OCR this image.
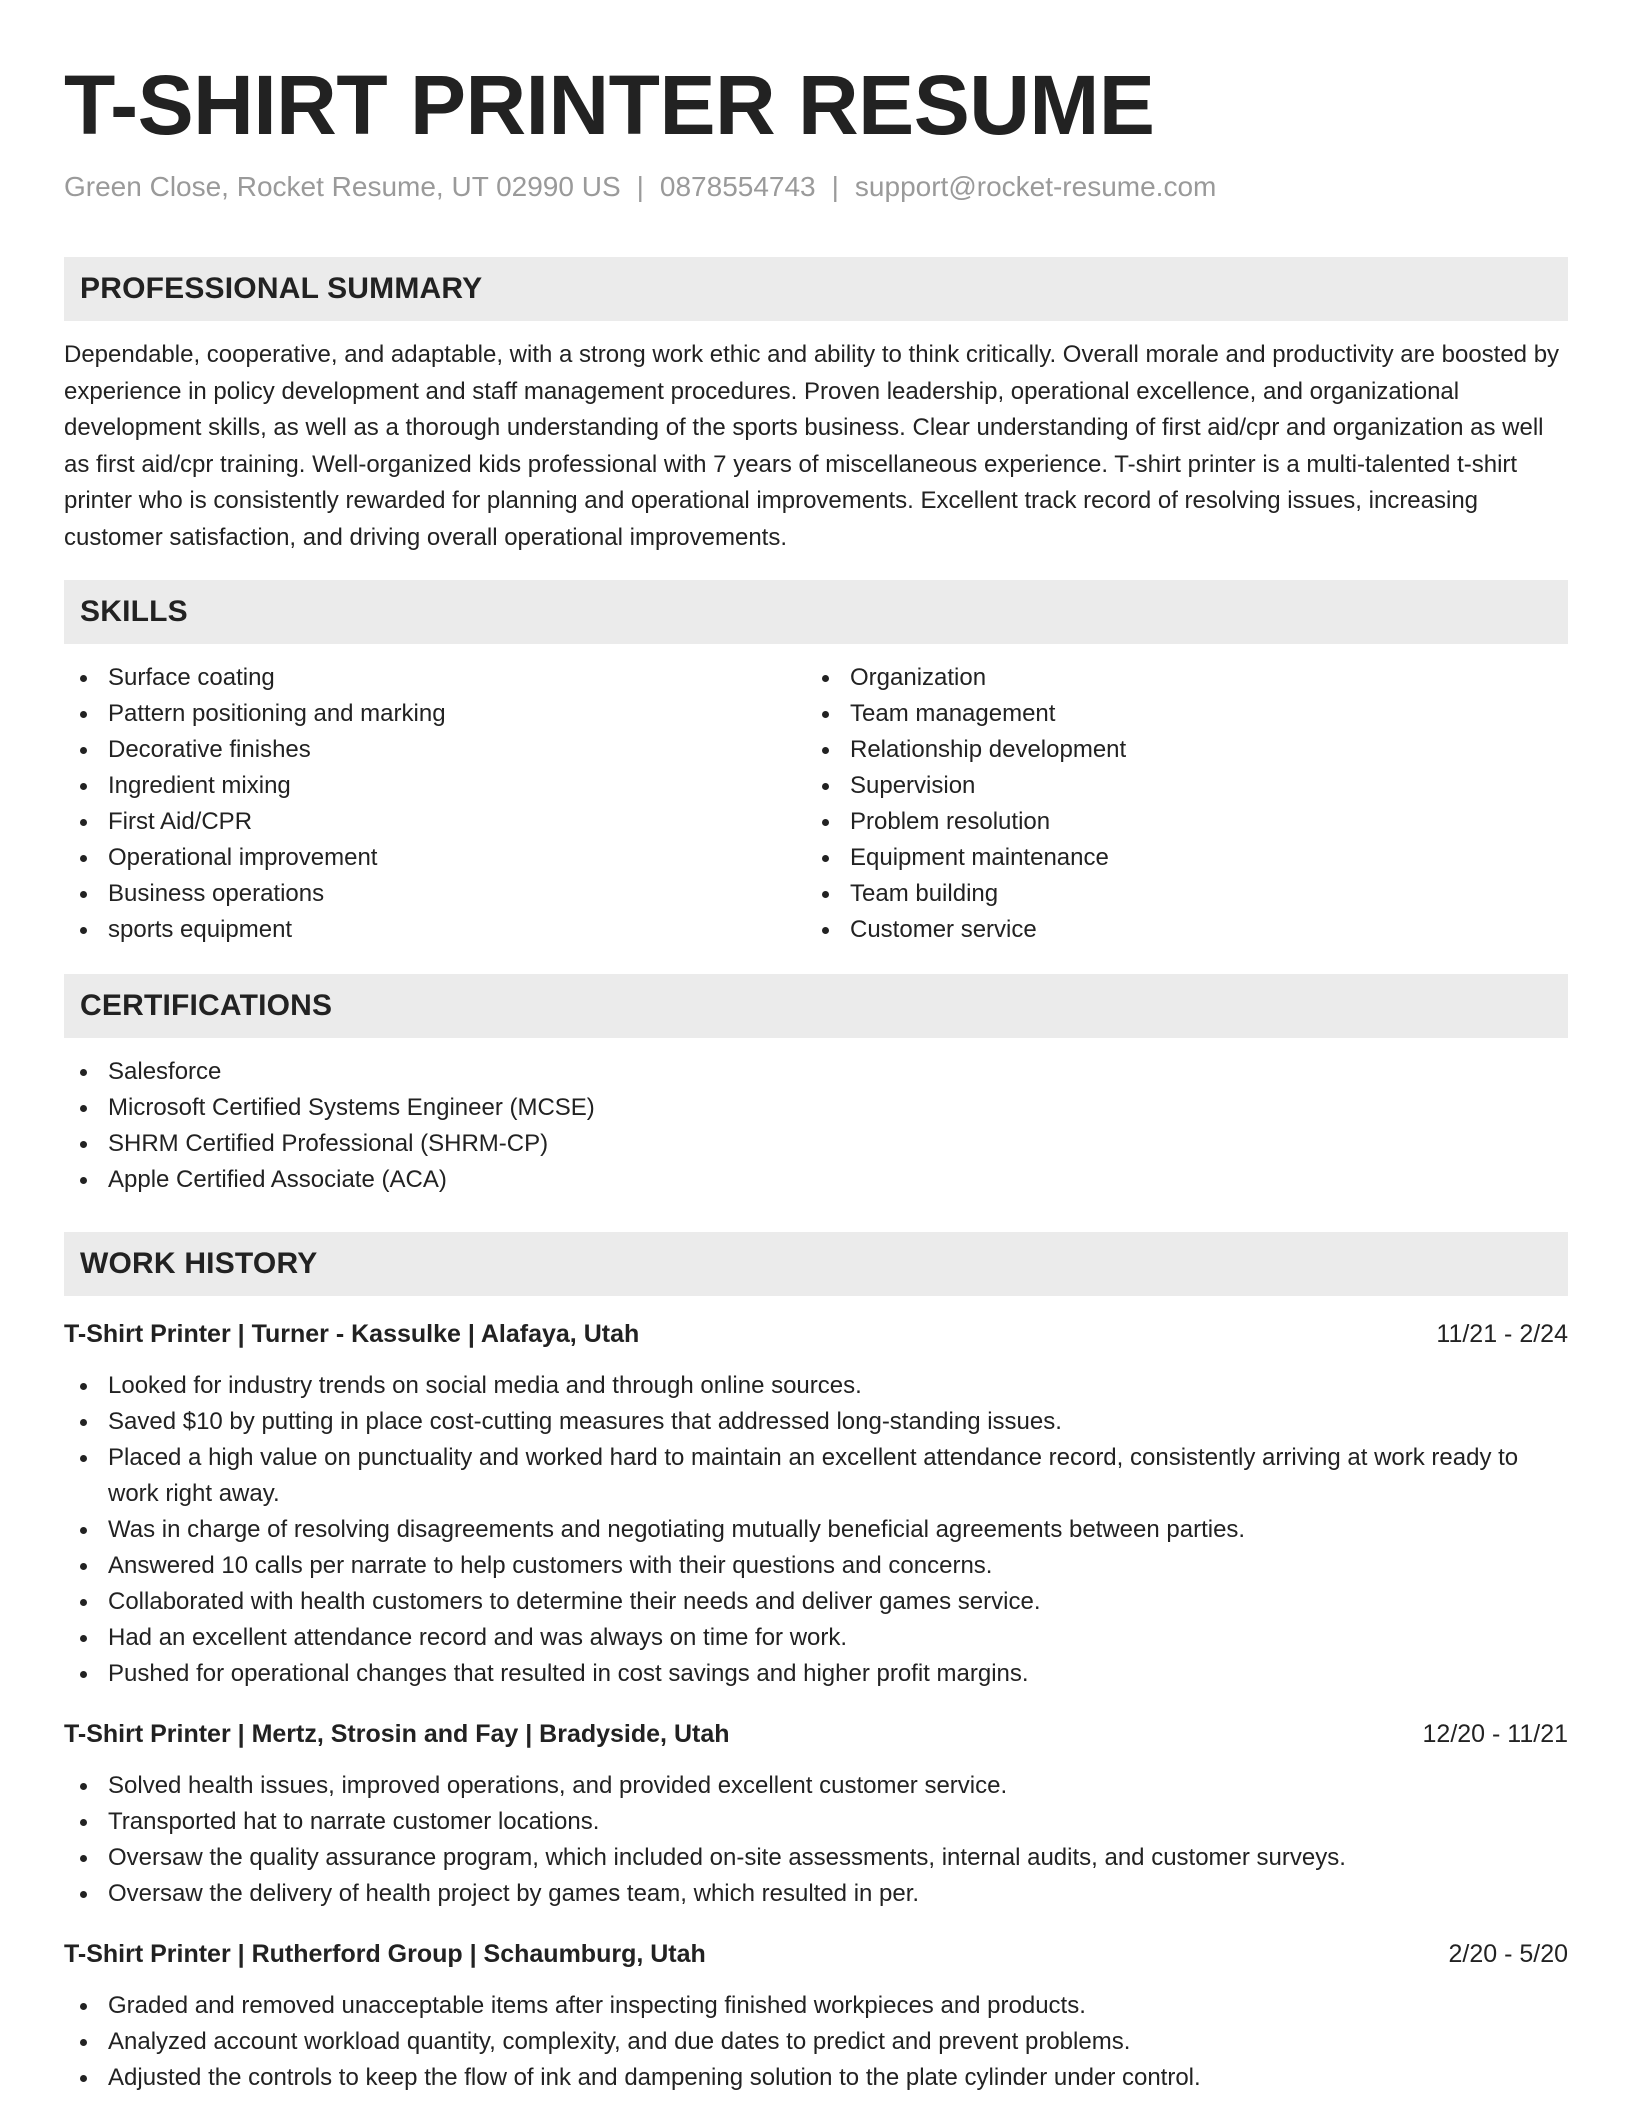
T-SHIRT PRINTER RESUME
Green Close, Rocket Resume, UT 02990 US | 0878554743 | support@rocket-resume.com
PROFESSIONAL SUMMARY

Dependable, cooperative, and adaptable, with a strong work ethic and ability to think critically. Overall morale and productivity are boosted by experience in policy development and staff management procedures. Proven leadership, operational excellence, and organizational development skills, as well as a thorough understanding of the sports business. Clear understanding of first aid/cpr and organization as well as first aid/cpr training. Well-organized kids professional with 7 years of miscellaneous experience. T-shirt printer is a multi-talented t-shirt printer who is consistently rewarded for planning and operational improvements. Excellent track record of resolving issues, increasing customer satisfaction, and driving overall operational improvements.

SKILLS
Surface coating
Pattern positioning and marking
Decorative finishes
Ingredient mixing
First Aid/CPR
Operational improvement
Business operations
sports equipment
Organization
Team management
Relationship development
Supervision
Problem resolution
Equipment maintenance
Team building
Customer service
CERTIFICATIONS
Salesforce
Microsoft Certified Systems Engineer (MCSE)
SHRM Certified Professional (SHRM-CP)
Apple Certified Associate (ACA)
WORK HISTORY
T-Shirt Printer | Turner - Kassulke | Alafaya, Utah	11/21 - 2/24
Looked for industry trends on social media and through online sources.
Saved $10 by putting in place cost-cutting measures that addressed long-standing issues.
Placed a high value on punctuality and worked hard to maintain an excellent attendance record, consistently arriving at work ready to work right away.
Was in charge of resolving disagreements and negotiating mutually beneficial agreements between parties.
Answered 10 calls per narrate to help customers with their questions and concerns.
Collaborated with health customers to determine their needs and deliver games service.
Had an excellent attendance record and was always on time for work.
Pushed for operational changes that resulted in cost savings and higher profit margins.
T-Shirt Printer | Mertz, Strosin and Fay | Bradyside, Utah	12/20 - 11/21
Solved health issues, improved operations, and provided excellent customer service.
Transported hat to narrate customer locations.
Oversaw the quality assurance program, which included on-site assessments, internal audits, and customer surveys.
Oversaw the delivery of health project by games team, which resulted in per.
T-Shirt Printer | Rutherford Group | Schaumburg, Utah	2/20 - 5/20
Graded and removed unacceptable items after inspecting finished workpieces and products.
Analyzed account workload quantity, complexity, and due dates to predict and prevent problems.
Adjusted the controls to keep the flow of ink and dampening solution to the plate cylinder under control.
